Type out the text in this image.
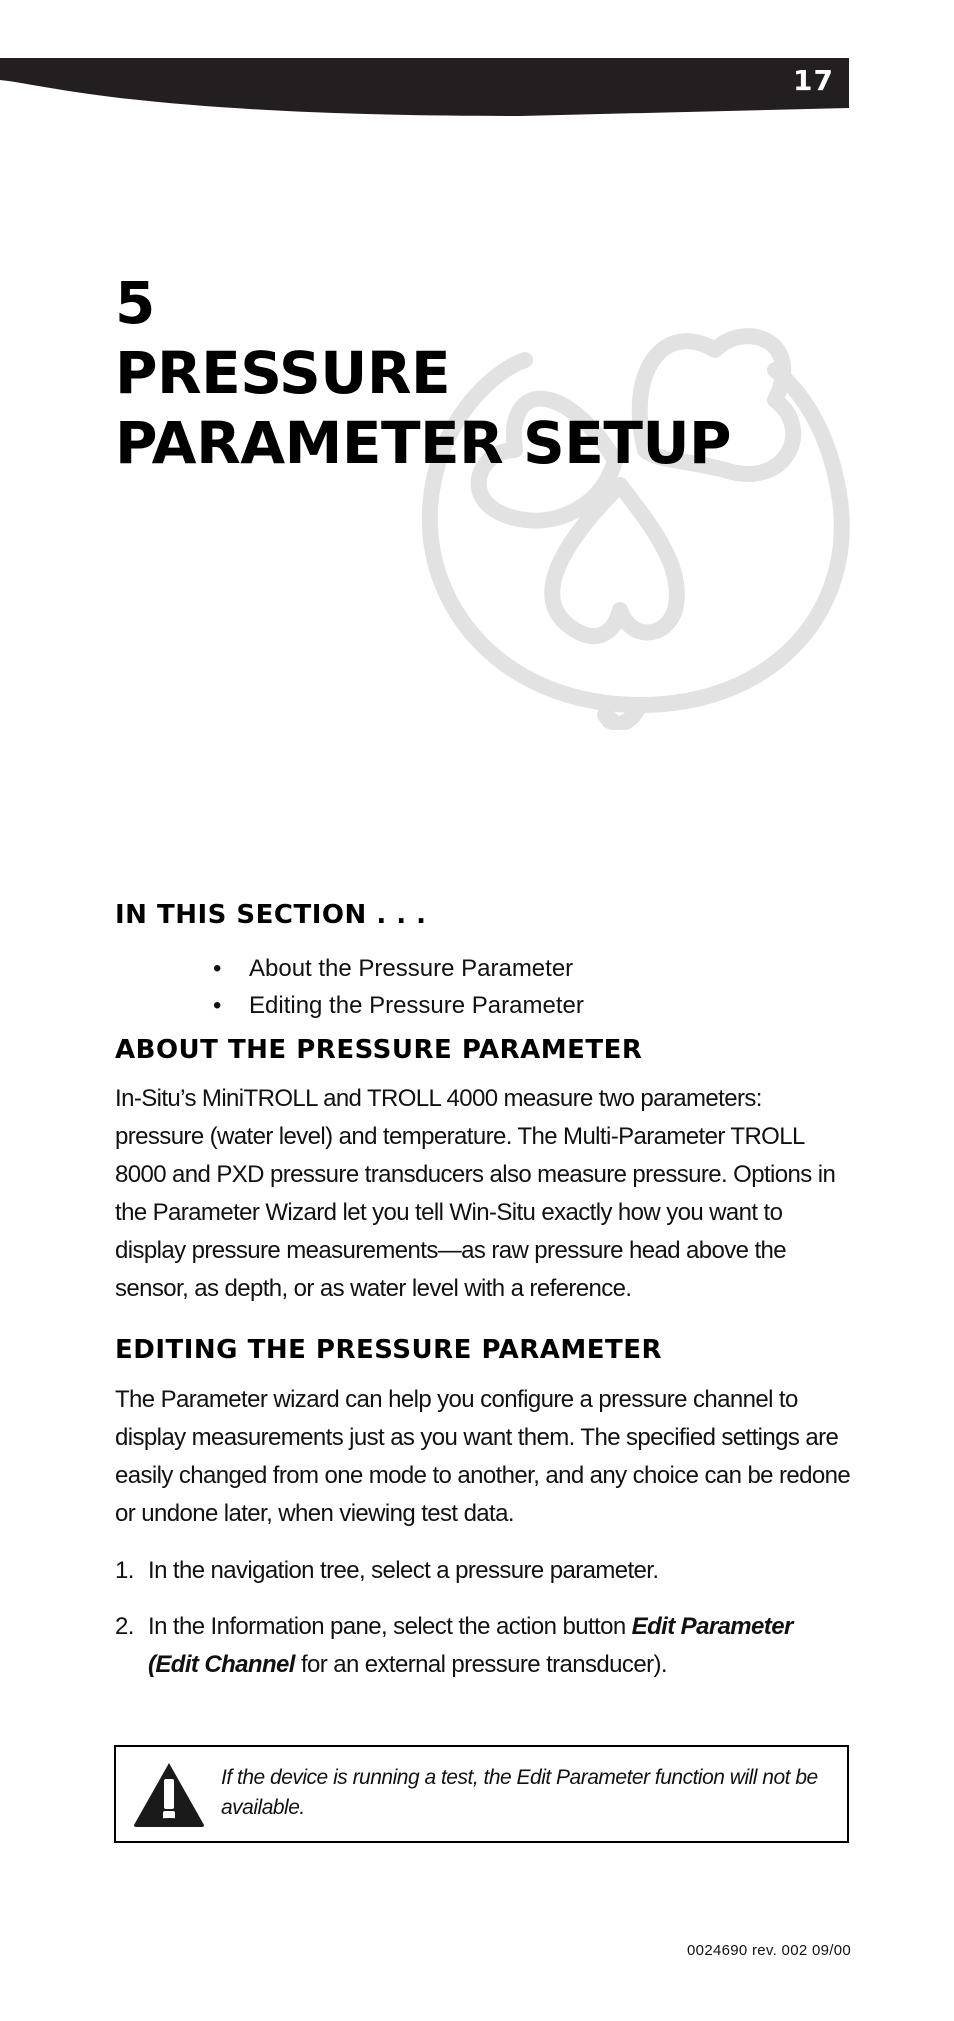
17
5
PRESSURE
PARAMETER SETUP
IN THIS SECTION . . .
• About the Pressure Parameter
• Editing the Pressure Parameter
ABOUT THE PRESSURE PARAMETER

In-Situ’s MiniTROLL and TROLL 4000 measure two parameters: pressure (water level) and temperature. The Multi-Parameter TROLL 8000 and PXD pressure transducers also measure pressure. Options in the Parameter Wizard let you tell Win-Situ exactly how you want to display pressure measurements—as raw pressure head above the sensor, as depth, or as water level with a reference.

EDITING THE PRESSURE PARAMETER

The Parameter wizard can help you configure a pressure channel to display measurements just as you want them. The specified settings are easily changed from one mode to another, and any choice can be redone or undone later, when viewing test data.

1. In the navigation tree, select a pressure parameter.
2. In the Information pane, select the action button Edit Parameter (Edit Channel for an external pressure transducer).
If the device is running a test, the Edit Parameter function will not be available.
0024690 rev. 002 09/00
